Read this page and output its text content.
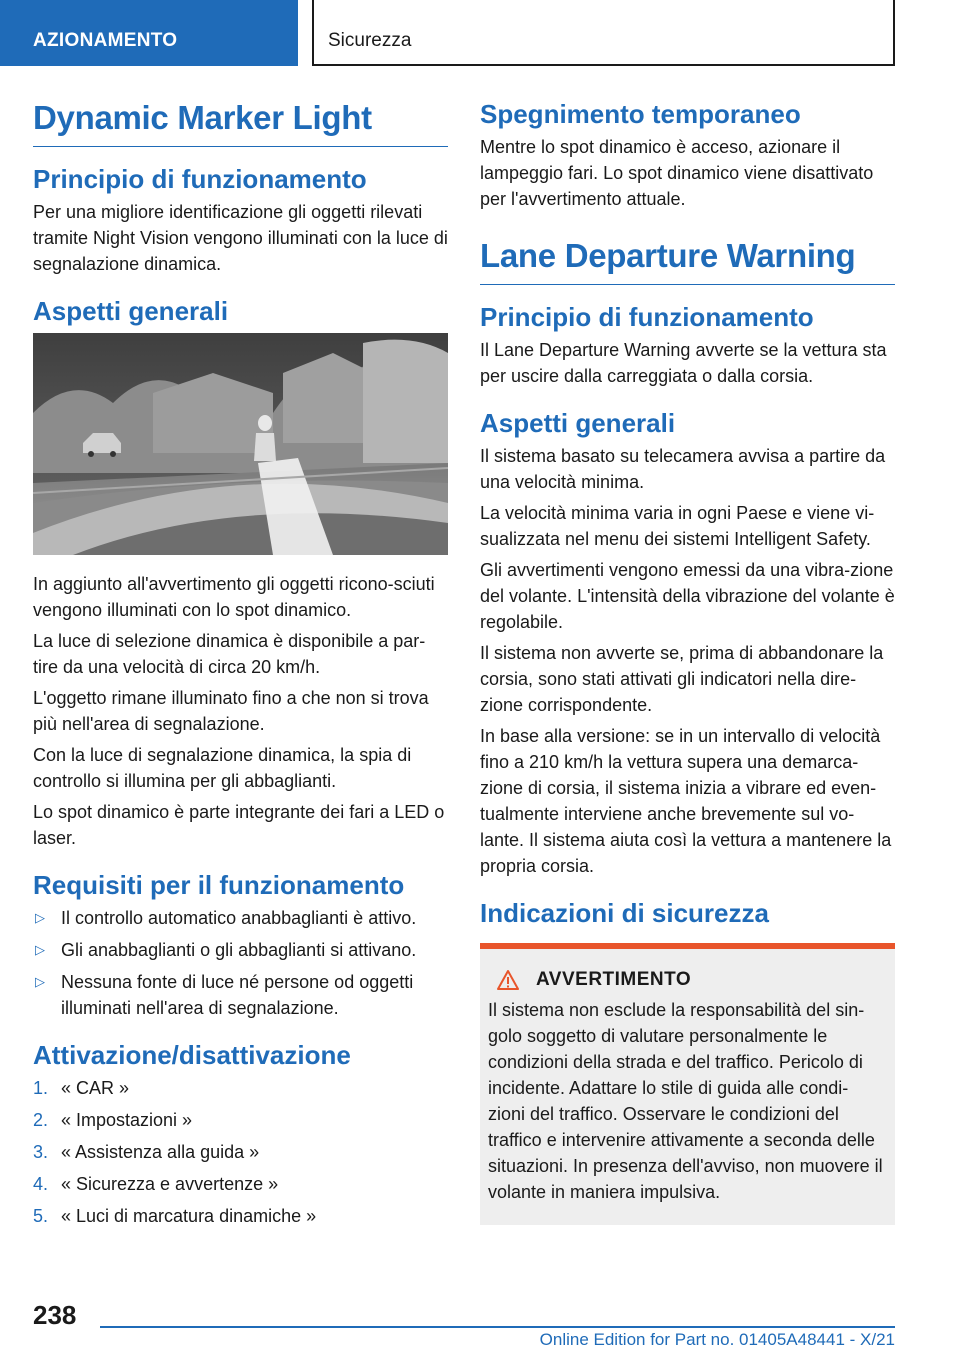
AZIONAMENTO	Sicurezza
Dynamic Marker Light
Principio di funzionamento
Per una migliore identificazione gli oggetti rilevati tramite Night Vision vengono illuminati con la luce di segnalazione dinamica.
Aspetti generali
In aggiunto all'avvertimento gli oggetti ricono-sciuti vengono illuminati con lo spot dinamico.
La luce di selezione dinamica è disponibile a par-tire da una velocità di circa 20 km/h.
L'oggetto rimane illuminato fino a che non si trova più nell'area di segnalazione.
Con la luce di segnalazione dinamica, la spia di controllo si illumina per gli abbaglianti.
Lo spot dinamico è parte integrante dei fari a LED o laser.
Requisiti per il funzionamento
▷ Il controllo automatico anabbaglianti è attivo.
▷ Gli anabbaglianti o gli abbaglianti si attivano.
▷ Nessuna fonte di luce né persone od oggetti illuminati nell'area di segnalazione.
Attivazione/disattivazione
1. « CAR »
2. « Impostazioni »
3. « Assistenza alla guida »
4. « Sicurezza e avvertenze »
5. « Luci di marcatura dinamiche »
Spegnimento temporaneo
Mentre lo spot dinamico è acceso, azionare il lampeggio fari. Lo spot dinamico viene disattivato per l'avvertimento attuale.
Lane Departure Warning
Principio di funzionamento
Il Lane Departure Warning avverte se la vettura sta per uscire dalla carreggiata o dalla corsia.
Aspetti generali
Il sistema basato su telecamera avvisa a partire da una velocità minima.
La velocità minima varia in ogni Paese e viene vi-sualizzata nel menu dei sistemi Intelligent Safety.
Gli avvertimenti vengono emessi da una vibra-zione del volante. L'intensità della vibrazione del volante è regolabile.
Il sistema non avverte se, prima di abbandonare la corsia, sono stati attivati gli indicatori nella dire-zione corrispondente.
In base alla versione: se in un intervallo di velocità fino a 210 km/h la vettura supera una demarca-zione di corsia, il sistema inizia a vibrare ed even-tualmente interviene anche brevemente sul vo-lante. Il sistema aiuta così la vettura a mantenere la propria corsia.
Indicazioni di sicurezza
AVVERTIMENTO
Il sistema non esclude la responsabilità del sin-golo soggetto di valutare personalmente le condizioni della strada e del traffico. Pericolo di incidente. Adattare lo stile di guida alle condi-zioni del traffico. Osservare le condizioni del traffico e intervenire attivamente a seconda delle situazioni. In presenza dell'avviso, non muovere il volante in maniera impulsiva.
238
Online Edition for Part no. 01405A48441 - X/21
